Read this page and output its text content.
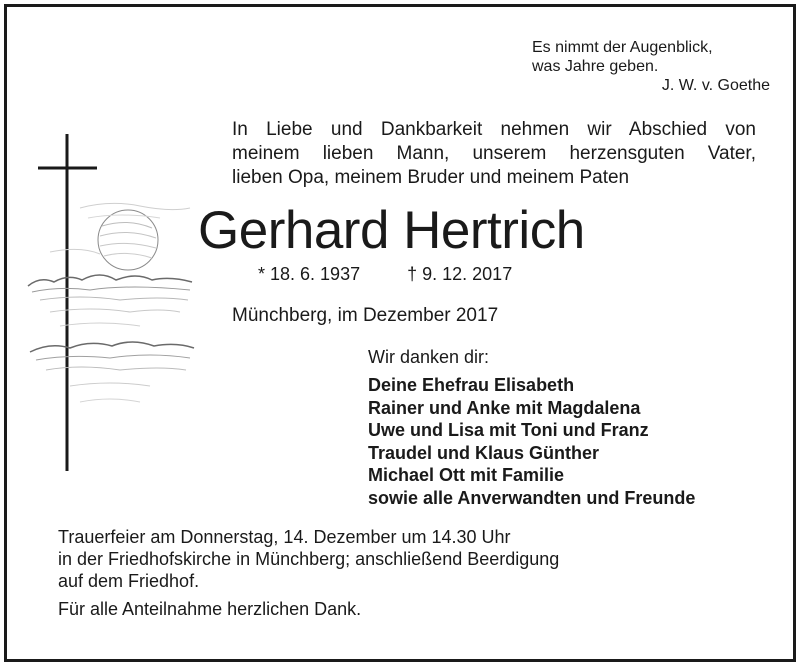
Es nimmt der Augenblick,
was Jahre geben.
J. W. v. Goethe
In Liebe und Dankbarkeit nehmen wir Abschied von
meinem lieben Mann, unserem herzensguten Vater,
lieben Opa, meinem Bruder und meinem Paten
Gerhard Hertrich
* 18. 6. 1937	† 9. 12. 2017
Münchberg, im Dezember 2017
Wir danken dir:
Deine Ehefrau Elisabeth
Rainer und Anke mit Magdalena
Uwe und Lisa mit Toni und Franz
Traudel und Klaus Günther
Michael Ott mit Familie
sowie alle Anverwandten und Freunde
Trauerfeier am Donnerstag, 14. Dezember um 14.30 Uhr
in der Friedhofskirche in Münchberg; anschließend Beerdigung
auf dem Friedhof.
Für alle Anteilnahme herzlichen Dank.
